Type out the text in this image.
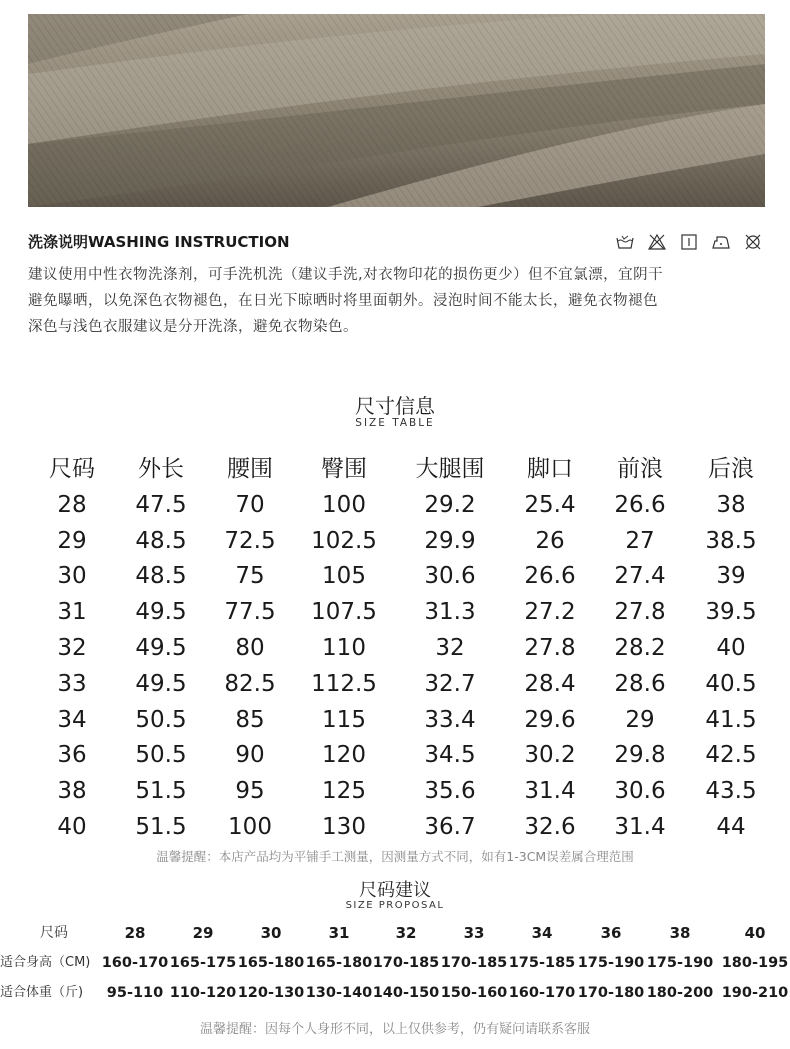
洗涤说明WASHING INSTRUCTION
建议使用中性衣物洗涤剂，可手洗机洗（建议手洗,对衣物印花的损伤更少）但不宜氯漂，宜阴干
避免曝晒，以免深色衣物褪色，在日光下晾晒时将里面朝外。浸泡时间不能太长，避免衣物褪色
深色与浅色衣服建议是分开洗涤，避免衣物染色。
尺寸信息
SIZE TABLE
尺码 外长 腰围 臀围 大腿围 脚口 前浪 后浪
28 47.5 70 100	29.2 25.4 26.6 38
29 48.5 72.5 102.5 29.9	26	27 38.5
30 48.5 75 105	30.6 26.6 27.4 39
31 49.5 77.5 107.5 31.3 27.2 27.8 39.5
32 49.5 80 110	32	27.8 28.2 40
33 49.5 82.5 112.5 32.7 28.4 28.6 40.5
34 50.5 85 115	33.4 29.6 29 41.5
36 50.5 90 120	34.5 30.2 29.8 42.5
38 51.5 95 125	35.6 31.4 30.6 43.5
40 51.5 100 130	36.7 32.6 31.4 44
温馨提醒：本店产品均为平铺手工测量，因测量方式不同，如有1-3CM误差属合理范围
尺码建议
SIZE PROPOSAL
尺码	28	29	30	31	32	33	34	36	38	40
适合身高（CM) 160-170 165-175 165-180 165-180 170-185 170-185 175-185 175-190 175-190 180-195
适合体重（斤) 95-110 110-120 120-130 130-140 140-150 150-160 160-170 170-180 180-200 190-210
温馨提醒：因每个人身形不同，以上仅供参考，仍有疑问请联系客服
